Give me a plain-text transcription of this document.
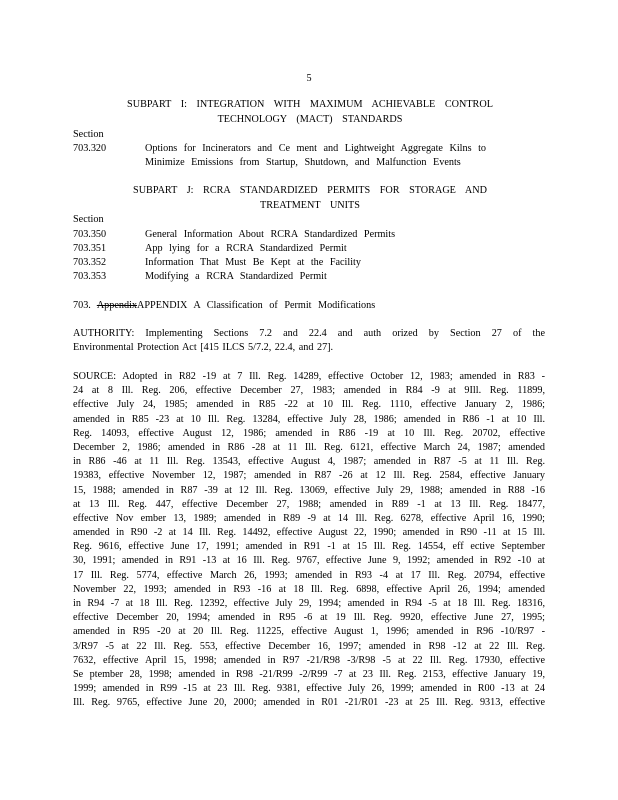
5
SUBPART I: INTEGRATION WITH MAXIMUM ACHIEVABLE CONTROL
TECHNOLOGY (MACT) STANDARDS
Section
703.320	Options for Incinerators and Ce ment and Lightweight Aggregate Kilns to
Minimize Emissions from Startup, Shutdown, and Malfunction Events
SUBPART J: RCRA STANDARDIZED PERMITS FOR STORAGE AND
TREATMENT UNITS
Section
703.350	General Information About RCRA Standardized Permits
703.351	App lying for a RCRA Standardized Permit
703.352	Information That Must Be Kept at the Facility
703.353	Modifying a RCRA Standardized Permit
703. AppendixAPPENDIX A Classification of Permit Modifications
AUTHORITY: Implementing Sections 7.2 and 22.4 and auth orized by Section 27 of the
Environmental Protection Act [415 ILCS 5/7.2, 22.4, and 27].
SOURCE: Adopted in R82 -19 at 7 Ill. Reg. 14289, effective October 12, 1983; amended in R83 -
24 at 8 Ill. Reg. 206, effective December 27, 1983; amended in R84 -9 at 9Ill. Reg. 11899,
effective July 24, 1985; amended in R85 -22 at 10 Ill. Reg. 1110, effective January 2, 1986;
amended in R85 -23 at 10 Ill. Reg. 13284, effective July 28, 1986; amended in R86 -1 at 10 Ill.
Reg. 14093, effective August 12, 1986; amended in R86 -19 at 10 Ill. Reg. 20702, effective
December 2, 1986; amended in R86 -28 at 11 Ill. Reg. 6121, effective March 24, 1987; amended
in R86 -46 at 11 Ill. Reg. 13543, effective August 4, 1987; amended in R87 -5 at 11 Ill. Reg.
19383, effective November 12, 1987; amended in R87 -26 at 12 Ill. Reg. 2584, effective January
15, 1988; amended in R87 -39 at 12 Ill. Reg. 13069, effective July 29, 1988; amended in R88 -16
at 13 Ill. Reg. 447, effective December 27, 1988; amended in R89 -1 at 13 Ill. Reg. 18477,
effective Nov ember 13, 1989; amended in R89 -9 at 14 Ill. Reg. 6278, effective April 16, 1990;
amended in R90 -2 at 14 Ill. Reg. 14492, effective August 22, 1990; amended in R90 -11 at 15 Ill.
Reg. 9616, effective June 17, 1991; amended in R91 -1 at 15 Ill. Reg. 14554, eff ective September
30, 1991; amended in R91 -13 at 16 Ill. Reg. 9767, effective June 9, 1992; amended in R92 -10 at
17 Ill. Reg. 5774, effective March 26, 1993; amended in R93 -4 at 17 Ill. Reg. 20794, effective
November 22, 1993; amended in R93 -16 at 18 Ill. Reg. 6898, effective April 26, 1994; amended
in R94 -7 at 18 Ill. Reg. 12392, effective July 29, 1994; amended in R94 -5 at 18 Ill. Reg. 18316,
effective December 20, 1994; amended in R95 -6 at 19 Ill. Reg. 9920, effective June 27, 1995;
amended in R95 -20 at 20 Ill. Reg. 11225, effective August 1, 1996; amended in R96 -10/R97 -
3/R97 -5 at 22 Ill. Reg. 553, effective December 16, 1997; amended in R98 -12 at 22 Ill. Reg.
7632, effective April 15, 1998; amended in R97 -21/R98 -3/R98 -5 at 22 Ill. Reg. 17930, effective
Se ptember 28, 1998; amended in R98 -21/R99 -2/R99 -7 at 23 Ill. Reg. 2153, effective January 19,
1999; amended in R99 -15 at 23 Ill. Reg. 9381, effective July 26, 1999; amended in R00 -13 at 24
Ill. Reg. 9765, effective June 20, 2000; amended in R01 -21/R01 -23 at 25 Ill. Reg. 9313, effective
